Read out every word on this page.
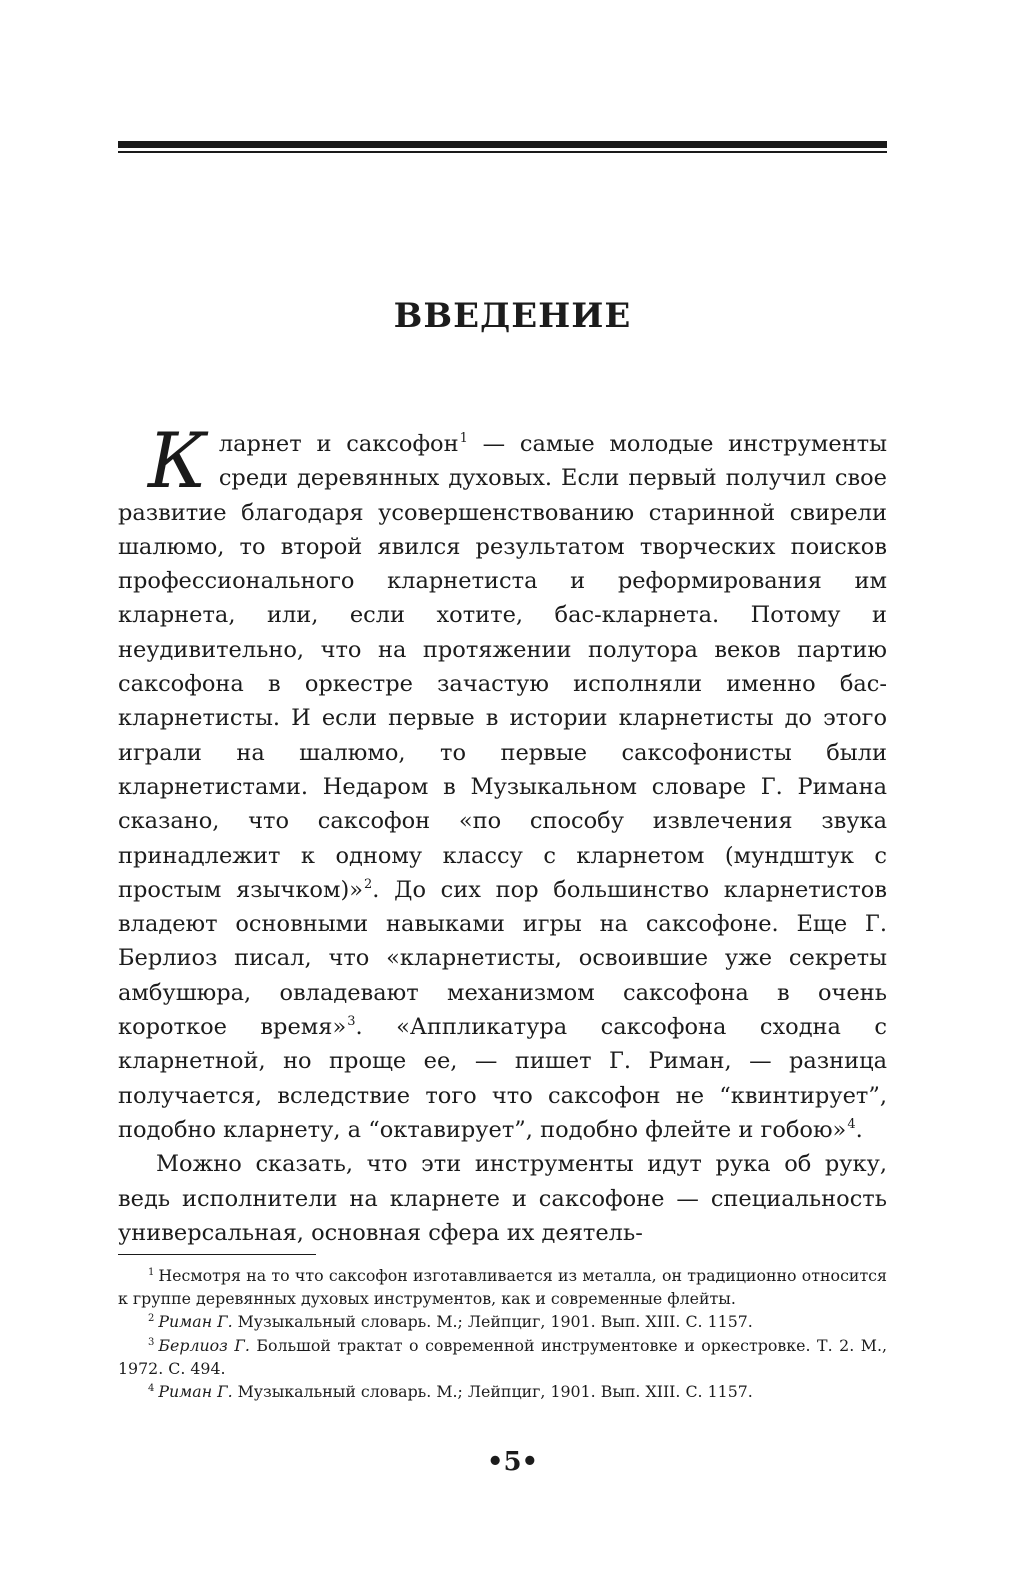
ВВЕДЕНИЕ

Кларнет и саксофон$^1$ — самые молодые инструменты среди деревянных духовых. Если первый получил свое развитие благодаря усовершенствованию старинной свирели шалюмо, то второй явился результатом творческих поисков профессионального кларнетиста и реформирования им кларнета, или, если хотите, бас-кларнета. Потому и неудивительно, что на протяжении полутора веков партию саксофона в оркестре зачастую исполняли именно бас-кларнетисты. И если первые в истории кларнетисты до этого играли на шалюмо, то первые саксофонисты были кларнетистами. Недаром в Музыкальном словаре Г. Римана сказано, что саксофон «по способу извлечения звука принадлежит к одному классу с кларнетом (мундштук с простым язычком)»$^2$. До сих пор большинство кларнетистов владеют основными навыками игры на саксофоне. Еще Г. Берлиоз писал, что «кларнетисты, освоившие уже секреты амбушюра, овладевают механизмом саксофона в очень короткое время»$^3$. «Аппликатура саксофона сходна с кларнетной, но проще ее, — пишет Г. Риман, — разница получается, вследствие того что саксофон не “квинтирует”, подобно кларнету, а “октавирует”, подобно флейте и гобою»$^4$.

Можно сказать, что эти инструменты идут рука об руку, ведь исполнители на кларнете и саксофоне — специальность универсальная, основная сфера их деятель-

$^1$ Несмотря на то что саксофон изготавливается из металла, он традиционно относится к группе деревянных духовых инструментов, как и современные флейты.

$^2$ Риман Г. Музыкальный словарь. М.; Лейпциг, 1901. Вып. XIII. С. 1157.

$^3$ Берлиоз Г. Большой трактат о современной инструментовке и оркестровке. Т. 2. М., 1972. С. 494.

$^4$ Риман Г. Музыкальный словарь. М.; Лейпциг, 1901. Вып. XIII. С. 1157.

•5•
